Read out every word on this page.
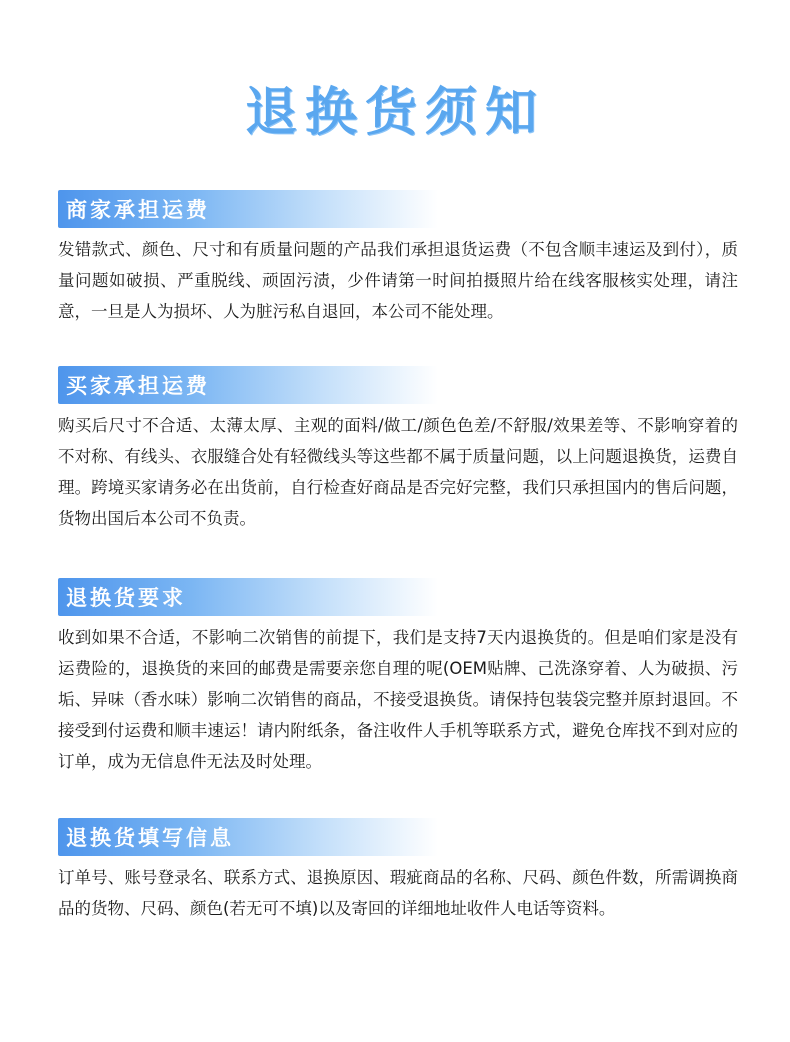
退换货须知
商家承担运费
发错款式、颜色、尺寸和有质量问题的产品我们承担退货运费（不包含顺丰速运及到付），质量问题如破损、严重脱线、顽固污渍，少件请第一时间拍摄照片给在线客服核实处理，请注意，一旦是人为损坏、人为脏污私自退回，本公司不能处理。
买家承担运费
购买后尺寸不合适、太薄太厚、主观的面料/做工/颜色色差/不舒服/效果差等、不影响穿着的不对称、有线头、衣服缝合处有轻微线头等这些都不属于质量问题，以上问题退换货，运费自理。跨境买家请务必在出货前，自行检查好商品是否完好完整，我们只承担国内的售后问题，货物出国后本公司不负责。
退换货要求
收到如果不合适，不影响二次销售的前提下，我们是支持7天内退换货的。但是咱们家是没有运费险的，退换货的来回的邮费是需要亲您自理的呢(OEM贴牌、己洗涤穿着、人为破损、污垢、异味（香水味）影响二次销售的商品，不接受退换货。请保持包装袋完整并原封退回。不接受到付运费和顺丰速运！请内附纸条，备注收件人手机等联系方式，避免仓库找不到对应的订单，成为无信息件无法及时处理。
退换货填写信息
订单号、账号登录名、联系方式、退换原因、瑕疵商品的名称、尺码、颜色件数，所需调换商品的货物、尺码、颜色(若无可不填)以及寄回的详细地址收件人电话等资料。
